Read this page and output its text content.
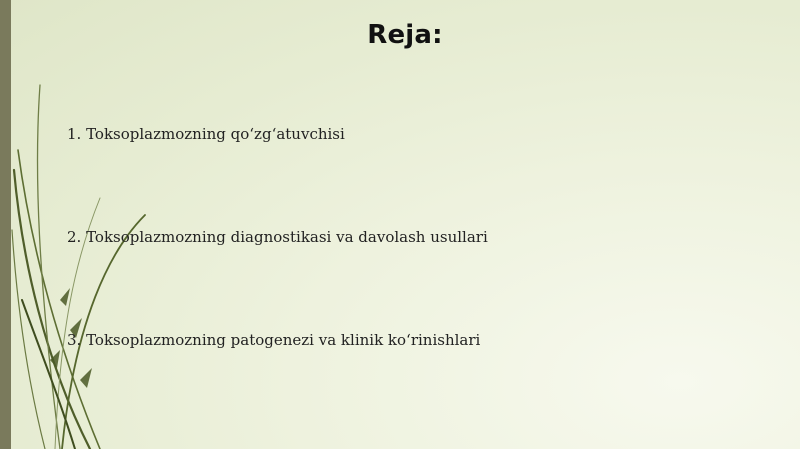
Reja:
1. Toksoplazmozning qo‘zg‘atuvchisi
2. Toksoplazmozning diagnostikasi va davolash usullari
3. Toksoplazmozning patogenezi va klinik ko‘rinishlari
